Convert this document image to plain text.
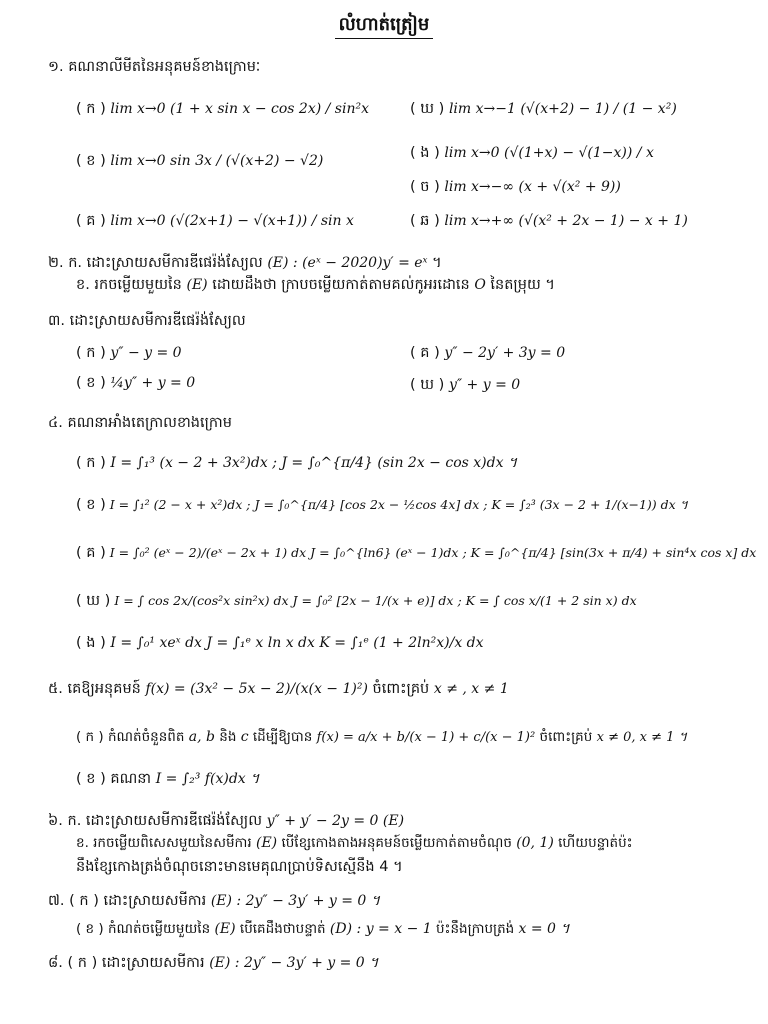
លំហាត់ត្រៀម
១. គណនាលីមីតនៃអនុគមន៍ខាងក្រោមៈ
( ក ) lim x→0 (1 + x sin x − cos 2x) / sin²x
( ខ ) lim x→0 sin 3x / (√(x+2) − √2)
( គ ) lim x→0 (√(2x+1) − √(x+1)) / sin x
( ឃ ) lim x→−1 (√(x+2) − 1) / (1 − x²)
( ង ) lim x→0 (√(1+x) − √(1−x)) / x
( ច ) lim x→−∞ (x + √(x² + 9))
( ឆ ) lim x→+∞ (√(x² + 2x − 1) − x + 1)
២. ក. ដោះស្រាយសមីការឌីផេរ៉ង់ស្យែល (E) : (eˣ − 2020)y′ = eˣ ។
ខ. រកចម្លើយមួយនៃ (E) ដោយដឹងថា ក្រាបចម្លើយកាត់តាមគល់កូអរដោនេ O នៃតម្រុយ ។
៣. ដោះស្រាយសមីការឌីផេរ៉ង់ស្យែល
( ក ) y″ − y = 0
( ខ ) ¼y″ + y = 0
( គ ) y″ − 2y′ + 3y = 0
( ឃ ) y″ + y = 0
៤. គណនាអាំងតេក្រាលខាងក្រោម
( ក ) I = ∫₁³ (x − 2 + 3x²)dx ; J = ∫₀^{π/4} (sin 2x − cos x)dx ។
( ខ ) I = ∫₁² (2 − x + x²)dx ; J = ∫₀^{π/4} [cos 2x − ½cos 4x] dx ; K = ∫₂³ (3x − 2 + 1/(x−1)) dx ។
( គ ) I = ∫₀² (eˣ − 2)/(eˣ − 2x + 1) dx J = ∫₀^{ln6} (eˣ − 1)dx ; K = ∫₀^{π/4} [sin(3x + π/4) + sin⁴x cos x] dx
( ឃ ) I = ∫ cos 2x/(cos²x sin²x) dx J = ∫₀² [2x − 1/(x + e)] dx ; K = ∫ cos x/(1 + 2 sin x) dx
( ង ) I = ∫₀¹ xeˣ dx J = ∫₁ᵉ x ln x dx K = ∫₁ᵉ (1 + 2ln²x)/x dx
៥. គេឱ្យអនុគមន៍ f(x) = (3x² − 5x − 2)/(x(x − 1)²) ចំពោះគ្រប់ x ≠ , x ≠ 1
( ក ) កំណត់ចំនួនពិត a, b និង c ដើម្បីឱ្យបាន f(x) = a/x + b/(x − 1) + c/(x − 1)² ចំពោះគ្រប់ x ≠ 0, x ≠ 1 ។
( ខ ) គណនា I = ∫₂³ f(x)dx ។
៦. ក. ដោះស្រាយសមីការឌីផេរ៉ង់ស្យែល y″ + y′ − 2y = 0 (E)
ខ. រកចម្លើយពិសេសមួយនៃសមីការ (E) បើខ្សែកោងតាងអនុគមន៍ចម្លើយកាត់តាមចំណុច (0, 1) ហើយបន្ទាត់ប៉ះ
នឹងខ្សែកោងត្រង់ចំណុចនោះមានមេគុណប្រាប់ទិសស្មើនឹង 4 ។
៧. ( ក ) ដោះស្រាយសមីការ (E) : 2y″ − 3y′ + y = 0 ។
( ខ ) កំណត់ចម្លើយមួយនៃ (E) បើគេដឹងថាបន្ទាត់ (D) : y = x − 1 ប៉ះនឹងក្រាបត្រង់ x = 0 ។
៨. ( ក ) ដោះស្រាយសមីការ (E) : 2y″ − 3y′ + y = 0 ។
